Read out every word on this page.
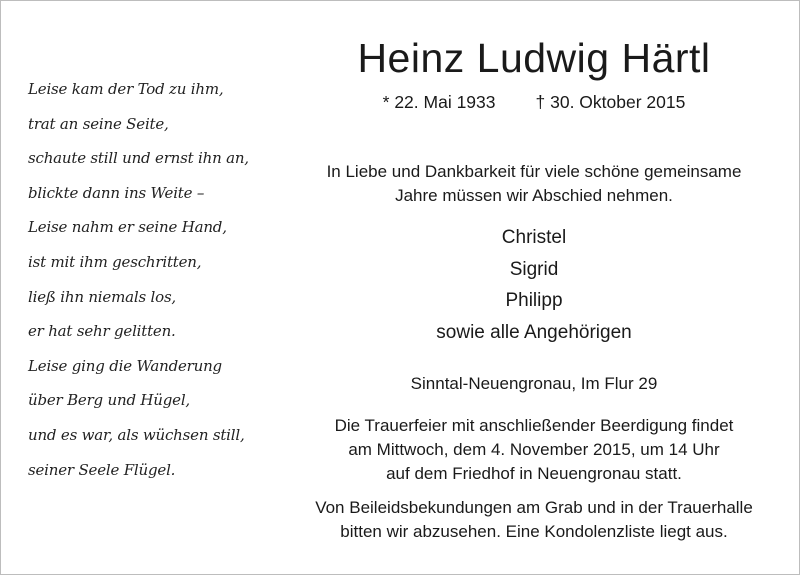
Leise kam der Tod zu ihm,
trat an seine Seite,
schaute still und ernst ihn an,
blickte dann ins Weite –
Leise nahm er seine Hand,
ist mit ihm geschritten,
ließ ihn niemals los,
er hat sehr gelitten.
Leise ging die Wanderung
über Berg und Hügel,
und es war, als wüchsen still,
seiner Seele Flügel.
Heinz Ludwig Härtl
* 22. Mai 1933 † 30. Oktober 2015
In Liebe und Dankbarkeit für viele schöne gemeinsame
Jahre müssen wir Abschied nehmen.
Christel
Sigrid
Philipp
sowie alle Angehörigen
Sinntal-Neuengronau, Im Flur 29
Die Trauerfeier mit anschließender Beerdigung findet
am Mittwoch, dem 4. November 2015, um 14 Uhr
auf dem Friedhof in Neuengronau statt.
Von Beileidsbekundungen am Grab und in der Trauerhalle
bitten wir abzusehen. Eine Kondolenzliste liegt aus.
